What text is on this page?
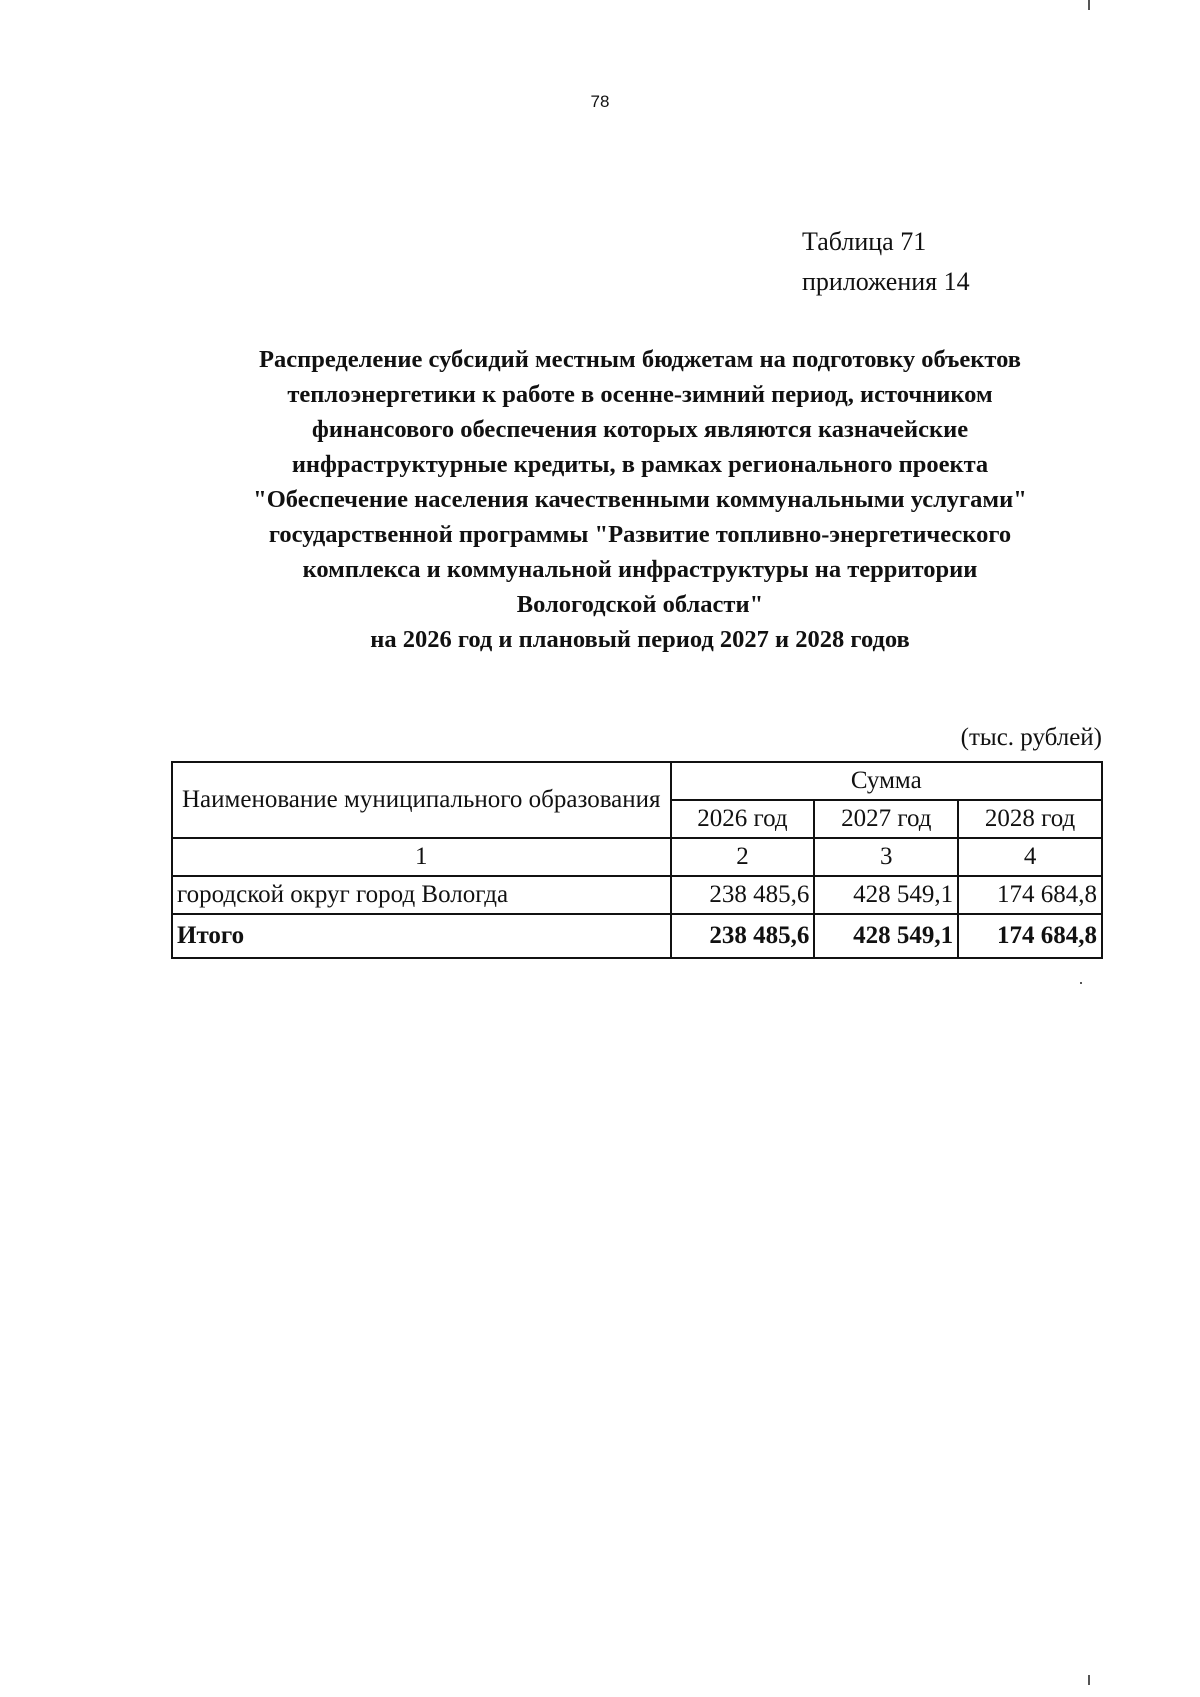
78
Таблица 71
приложения 14
Распределение субсидий местным бюджетам на подготовку объектов
теплоэнергетики к работе в осенне-зимний период, источником
финансового обеспечения которых являются казначейские
инфраструктурные кредиты, в рамках регионального проекта
"Обеспечение населения качественными коммунальными услугами"
государственной программы "Развитие топливно-энергетического
комплекса и коммунальной инфраструктуры на территории
Вологодской области"
на 2026 год и плановый период 2027 и 2028 годов
(тыс. рублей)
Наименование муниципального образования	Сумма		
	2026 год	2027 год	2028 год
1	2	3	4
городской округ город Вологда	238 485,6	428 549,1	174 684,8
Итого	238 485,6	428 549,1	174 684,8
